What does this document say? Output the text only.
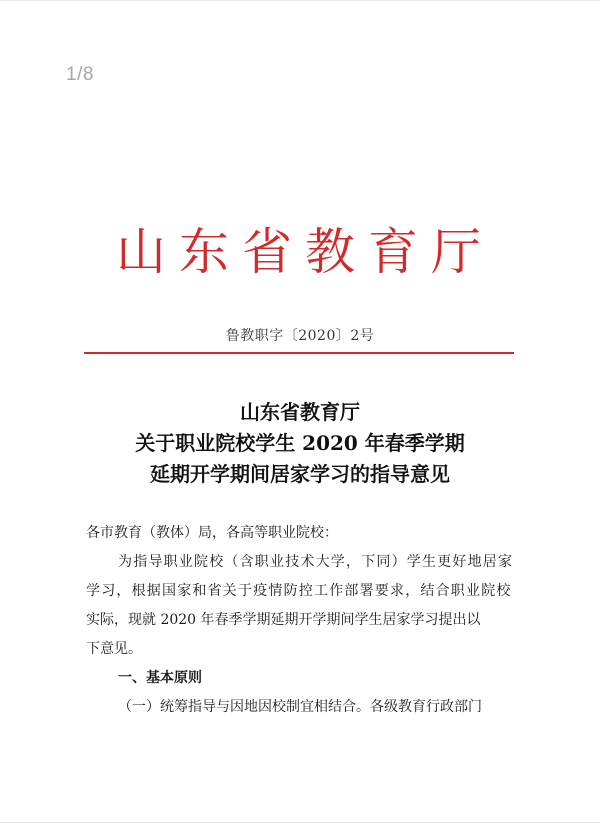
1/8
山东省教育厅
鲁教职字〔2020〕2号
山东省教育厅
关于职业院校学生 2020 年春季学期
延期开学期间居家学习的指导意见
各市教育（教体）局，各高等职业院校：
为指导职业院校（含职业技术大学，下同）学生更好地居家
学习，根据国家和省关于疫情防控工作部署要求，结合职业院校
实际，现就 2020 年春季学期延期开学期间学生居家学习提出以
下意见。
一、基本原则
（一）统筹指导与因地因校制宜相结合。各级教育行政部门
